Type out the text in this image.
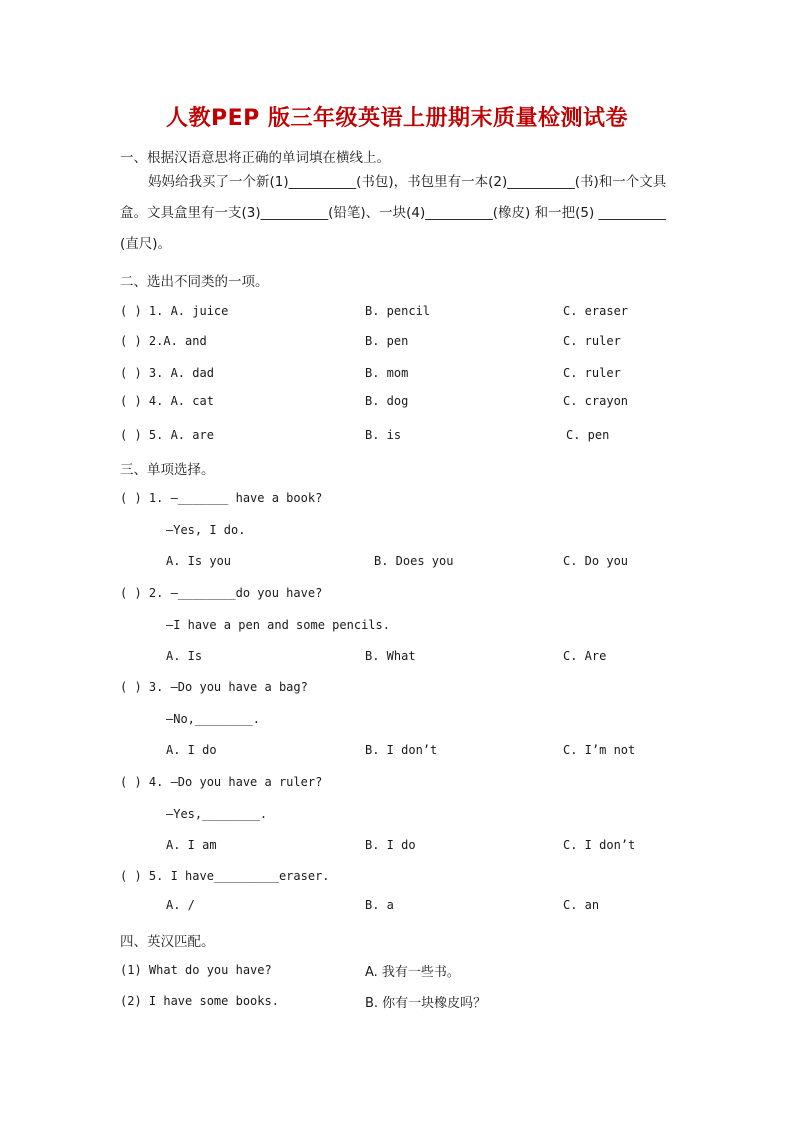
人教PEP 版三年级英语上册期末质量检测试卷
一、根据汉语意思将正确的单词填在横线上。
妈妈给我买了一个新(1)__________(书包)，书包里有一本(2)__________(书)和一个文具盒。文具盒里有一支(3)__________(铅笔)、一块(4)__________(橡皮) 和一把(5) __________ (直尺)。
二、选出不同类的一项。
( ) 1. A. juice	B. pencil	C. eraser
( ) 2.A. and	B. pen	C. ruler
( ) 3. A. dad	B. mom	C. ruler
( ) 4. A. cat	B. dog	C. crayon
( ) 5. A. are	B. is	C. pen
三、单项选择。
( ) 1. —_______ have a book?
—Yes, I do.
A. Is you	B. Does you	C. Do you
( ) 2. —________do you have?
—I have a pen and some pencils.
A. Is	B. What	C. Are
( ) 3. —Do you have a bag?
—No,________.
A. I do	B. I don’t	C. I’m not
( ) 4. —Do you have a ruler?
—Yes,________.
A. I am	B. I do	C. I don’t
( ) 5. I have_________eraser.
A. /	B. a	C. an
四、英汉匹配。
(1) What do you have?	A. 我有一些书。
(2) I have some books.	B. 你有一块橡皮吗？
